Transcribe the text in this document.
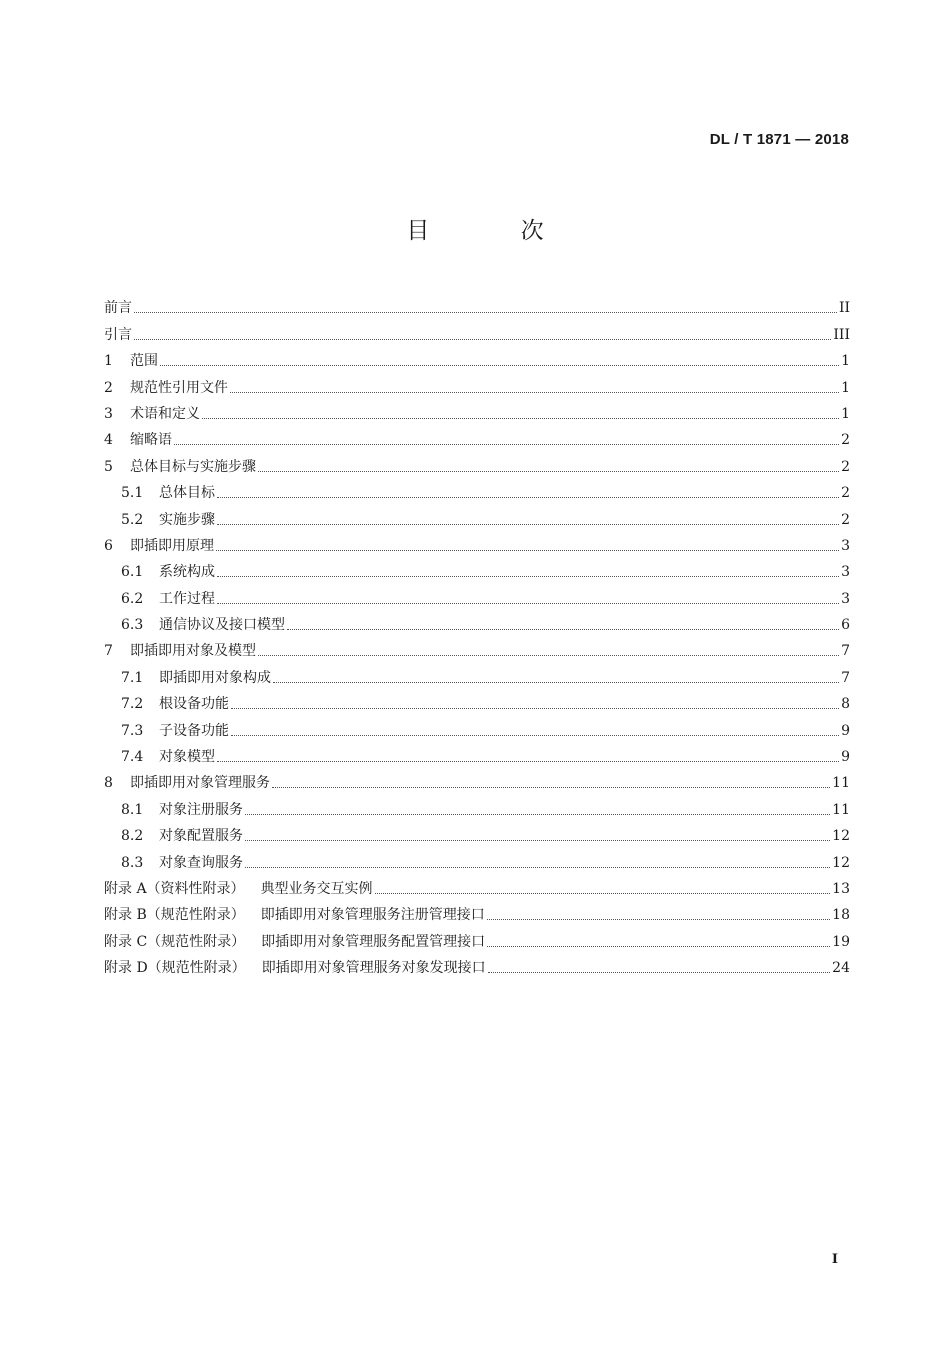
DL / T 1871 — 2018
目 次
前言	II
引言	III
1	范围	1
2	规范性引用文件	1
3	术语和定义	1
4	缩略语	2
5	总体目标与实施步骤	2
5.1	总体目标	2
5.2	实施步骤	2
6	即插即用原理	3
6.1	系统构成	3
6.2	工作过程	3
6.3	通信协议及接口模型	6
7	即插即用对象及模型	7
7.1	即插即用对象构成	7
7.2	根设备功能	8
7.3	子设备功能	9
7.4	对象模型	9
8	即插即用对象管理服务	11
8.1	对象注册服务	11
8.2	对象配置服务	12
8.3	对象查询服务	12
附录 A（资料性附录） 典型业务交互实例	13
附录 B（规范性附录） 即插即用对象管理服务注册管理接口	18
附录 C（规范性附录） 即插即用对象管理服务配置管理接口	19
附录 D（规范性附录） 即插即用对象管理服务对象发现接口	24
I
